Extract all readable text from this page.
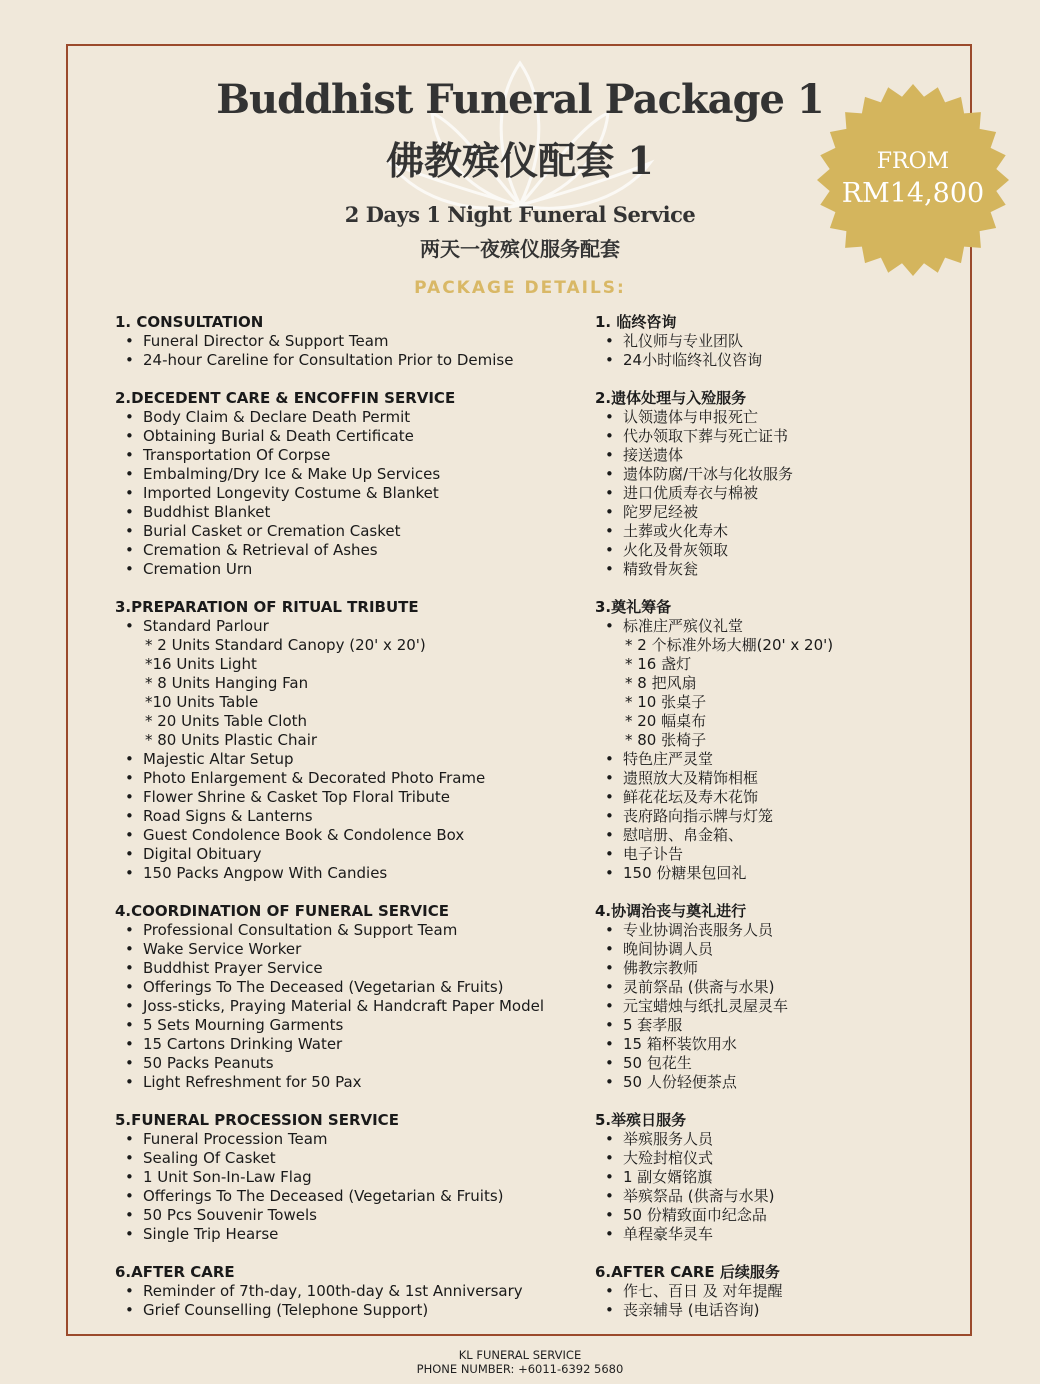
Buddhist Funeral Package 1
佛教殡仪配套 1
2 Days 1 Night Funeral Service
两天一夜殡仪服务配套
PACKAGE DETAILS:
FROM
RM14,800
1. CONSULTATION
• Funeral Director & Support Team
• 24-hour Careline for Consultation Prior to Demise
2.DECEDENT CARE & ENCOFFIN SERVICE
• Body Claim & Declare Death Permit
• Obtaining Burial & Death Certificate
• Transportation Of Corpse
• Embalming/Dry Ice & Make Up Services
• Imported Longevity Costume & Blanket
• Buddhist Blanket
• Burial Casket or Cremation Casket
• Cremation & Retrieval of Ashes
• Cremation Urn
3.PREPARATION OF RITUAL TRIBUTE
• Standard Parlour
* 2 Units Standard Canopy (20' x 20')
*16 Units Light
* 8 Units Hanging Fan
*10 Units Table
* 20 Units Table Cloth
* 80 Units Plastic Chair
• Majestic Altar Setup
• Photo Enlargement & Decorated Photo Frame
• Flower Shrine & Casket Top Floral Tribute
• Road Signs & Lanterns
• Guest Condolence Book & Condolence Box
• Digital Obituary
• 150 Packs Angpow With Candies
4.COORDINATION OF FUNERAL SERVICE
• Professional Consultation & Support Team
• Wake Service Worker
• Buddhist Prayer Service
• Offerings To The Deceased (Vegetarian & Fruits)
• Joss-sticks, Praying Material & Handcraft Paper Model
• 5 Sets Mourning Garments
• 15 Cartons Drinking Water
• 50 Packs Peanuts
• Light Refreshment for 50 Pax
5.FUNERAL PROCESSION SERVICE
• Funeral Procession Team
• Sealing Of Casket
• 1 Unit Son-In-Law Flag
• Offerings To The Deceased (Vegetarian & Fruits)
• 50 Pcs Souvenir Towels
• Single Trip Hearse
6.AFTER CARE
• Reminder of 7th-day, 100th-day & 1st Anniversary
• Grief Counselling (Telephone Support)
1. 临终咨询
• 礼仪师与专业团队
• 24小时临终礼仪咨询
2.遗体处理与入殓服务
• 认领遗体与申报死亡
• 代办领取下葬与死亡证书
• 接送遗体
• 遗体防腐/干冰与化妆服务
• 进口优质寿衣与棉被
• 陀罗尼经被
• 土葬或火化寿木
• 火化及骨灰领取
• 精致骨灰瓮
3.奠礼筹备
• 标准庄严殡仪礼堂
* 2 个标准外场大棚(20' x 20')
* 16 盏灯
* 8 把风扇
* 10 张桌子
* 20 幅桌布
* 80 张椅子
• 特色庄严灵堂
• 遗照放大及精饰相框
• 鲜花花坛及寿木花饰
• 丧府路向指示牌与灯笼
• 慰唁册、帛金箱、
• 电子讣告
• 150 份糖果包回礼
4.协调治丧与奠礼进行
• 专业协调治丧服务人员
• 晚间协调人员
• 佛教宗教师
• 灵前祭品 (供斋与水果)
• 元宝蜡烛与纸扎灵屋灵车
• 5 套孝服
• 15 箱杯装饮用水
• 50 包花生
• 50 人份轻便茶点
5.举殡日服务
• 举殡服务人员
• 大殓封棺仪式
• 1 副女婿铭旗
• 举殡祭品 (供斋与水果)
• 50 份精致面巾纪念品
• 单程豪华灵车
6.AFTER CARE 后续服务
• 作七、百日 及 对年提醒
• 丧亲辅导 (电话咨询)
KL FUNERAL SERVICE
PHONE NUMBER: +6011-6392 5680
